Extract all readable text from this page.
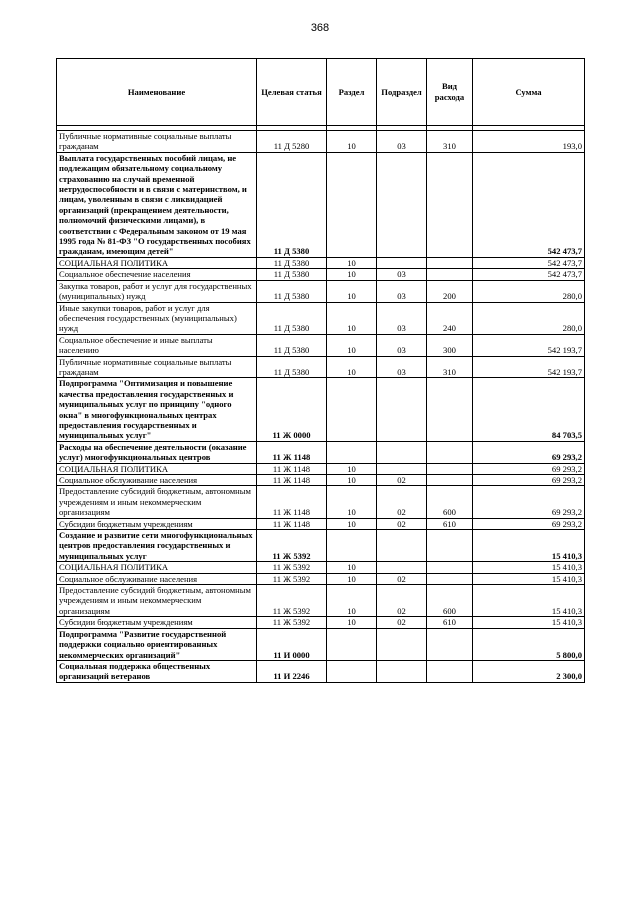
368
Наименование	Целевая статья	Раздел	Подраздел	Вид расхода	Сумма

Публичные нормативные социальные выплаты гражданам	11 Д 5280	10	03	310	193,0
Выплата государственных пособий лицам, не подлежащим обязательному социальному страхованию на случай временной нетрудоспособности и в связи с материнством, и лицам, уволенным в связи с ликвидацией организаций (прекращением деятельности, полномочий физическими лицами), в соответствии с Федеральным законом от 19 мая 1995 года № 81-ФЗ "О государственных пособиях гражданам, имеющим детей"	11 Д 5380				542 473,7
СОЦИАЛЬНАЯ ПОЛИТИКА	11 Д 5380	10			542 473,7
Социальное обеспечение населения	11 Д 5380	10	03		542 473,7
Закупка товаров, работ и услуг для государственных (муниципальных) нужд	11 Д 5380	10	03	200	280,0
Иные закупки товаров, работ и услуг для обеспечения государственных (муниципальных) нужд	11 Д 5380	10	03	240	280,0
Социальное обеспечение и иные выплаты населению	11 Д 5380	10	03	300	542 193,7
Публичные нормативные социальные выплаты гражданам	11 Д 5380	10	03	310	542 193,7
Подпрограмма "Оптимизация и повышение качества предоставления государственных и муниципальных услуг по принципу "одного окна" в многофункциональных центрах предоставления государственных и муниципальных услуг"	11 Ж 0000				84 703,5
Расходы на обеспечение деятельности (оказание услуг) многофункциональных центров	11 Ж 1148				69 293,2
СОЦИАЛЬНАЯ ПОЛИТИКА	11 Ж 1148	10			69 293,2
Социальное обслуживание населения	11 Ж 1148	10	02		69 293,2
Предоставление субсидий бюджетным, автономным учреждениям и иным некоммерческим организациям	11 Ж 1148	10	02	600	69 293,2
Субсидии бюджетным учреждениям	11 Ж 1148	10	02	610	69 293,2
Создание и развитие сети многофункциональных центров предоставления государственных и муниципальных услуг	11 Ж 5392				15 410,3
СОЦИАЛЬНАЯ ПОЛИТИКА	11 Ж 5392	10			15 410,3
Социальное обслуживание населения	11 Ж 5392	10	02		15 410,3
Предоставление субсидий бюджетным, автономным учреждениям и иным некоммерческим организациям	11 Ж 5392	10	02	600	15 410,3
Субсидии бюджетным учреждениям	11 Ж 5392	10	02	610	15 410,3
Подпрограмма "Развитие государственной поддержки социально ориентированных некоммерческих организаций"	11 И 0000				5 800,0
Социальная поддержка общественных организаций ветеранов	11 И 2246				2 300,0
